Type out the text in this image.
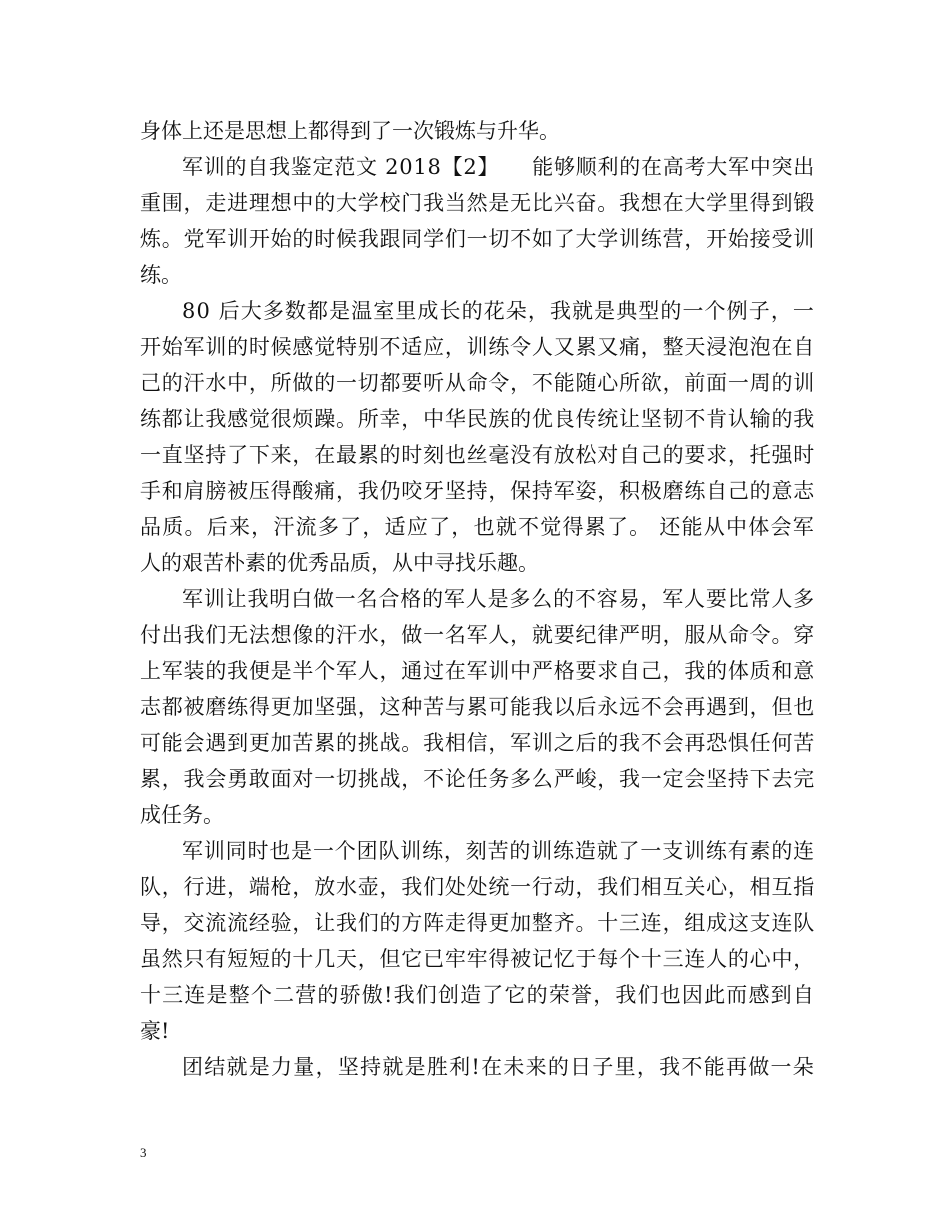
身体上还是思想上都得到了一次锻炼与升华。
军训的自我鉴定范文 2018【2】　　能够顺利的在高考大军中突出
重围，走进理想中的大学校门我当然是无比兴奋。我想在大学里得到锻
炼。党军训开始的时候我跟同学们一切不如了大学训练营，开始接受训
练。
80 后大多数都是温室里成长的花朵，我就是典型的一个例子，一
开始军训的时候感觉特别不适应，训练令人又累又痛，整天浸泡泡在自
己的汗水中，所做的一切都要听从命令，不能随心所欲，前面一周的训
练都让我感觉很烦躁。所幸，中华民族的优良传统让坚韧不肯认输的我
一直坚持了下来，在最累的时刻也丝毫没有放松对自己的要求，托强时
手和肩膀被压得酸痛，我仍咬牙坚持，保持军姿，积极磨练自己的意志
品质。后来，汗流多了，适应了，也就不觉得累了。 还能从中体会军
人的艰苦朴素的优秀品质，从中寻找乐趣。
军训让我明白做一名合格的军人是多么的不容易，军人要比常人多
付出我们无法想像的汗水，做一名军人，就要纪律严明，服从命令。穿
上军装的我便是半个军人，通过在军训中严格要求自己，我的体质和意
志都被磨练得更加坚强，这种苦与累可能我以后永远不会再遇到，但也
可能会遇到更加苦累的挑战。我相信，军训之后的我不会再恐惧任何苦
累，我会勇敢面对一切挑战，不论任务多么严峻，我一定会坚持下去完
成任务。
军训同时也是一个团队训练，刻苦的训练造就了一支训练有素的连
队，行进，端枪，放水壶，我们处处统一行动，我们相互关心，相互指
导，交流流经验，让我们的方阵走得更加整齐。十三连，组成这支连队
虽然只有短短的十几天，但它已牢牢得被记忆于每个十三连人的心中，
十三连是整个二营的骄傲!我们创造了它的荣誉，我们也因此而感到自
豪!
团结就是力量，坚持就是胜利!在未来的日子里，我不能再做一朵
3
